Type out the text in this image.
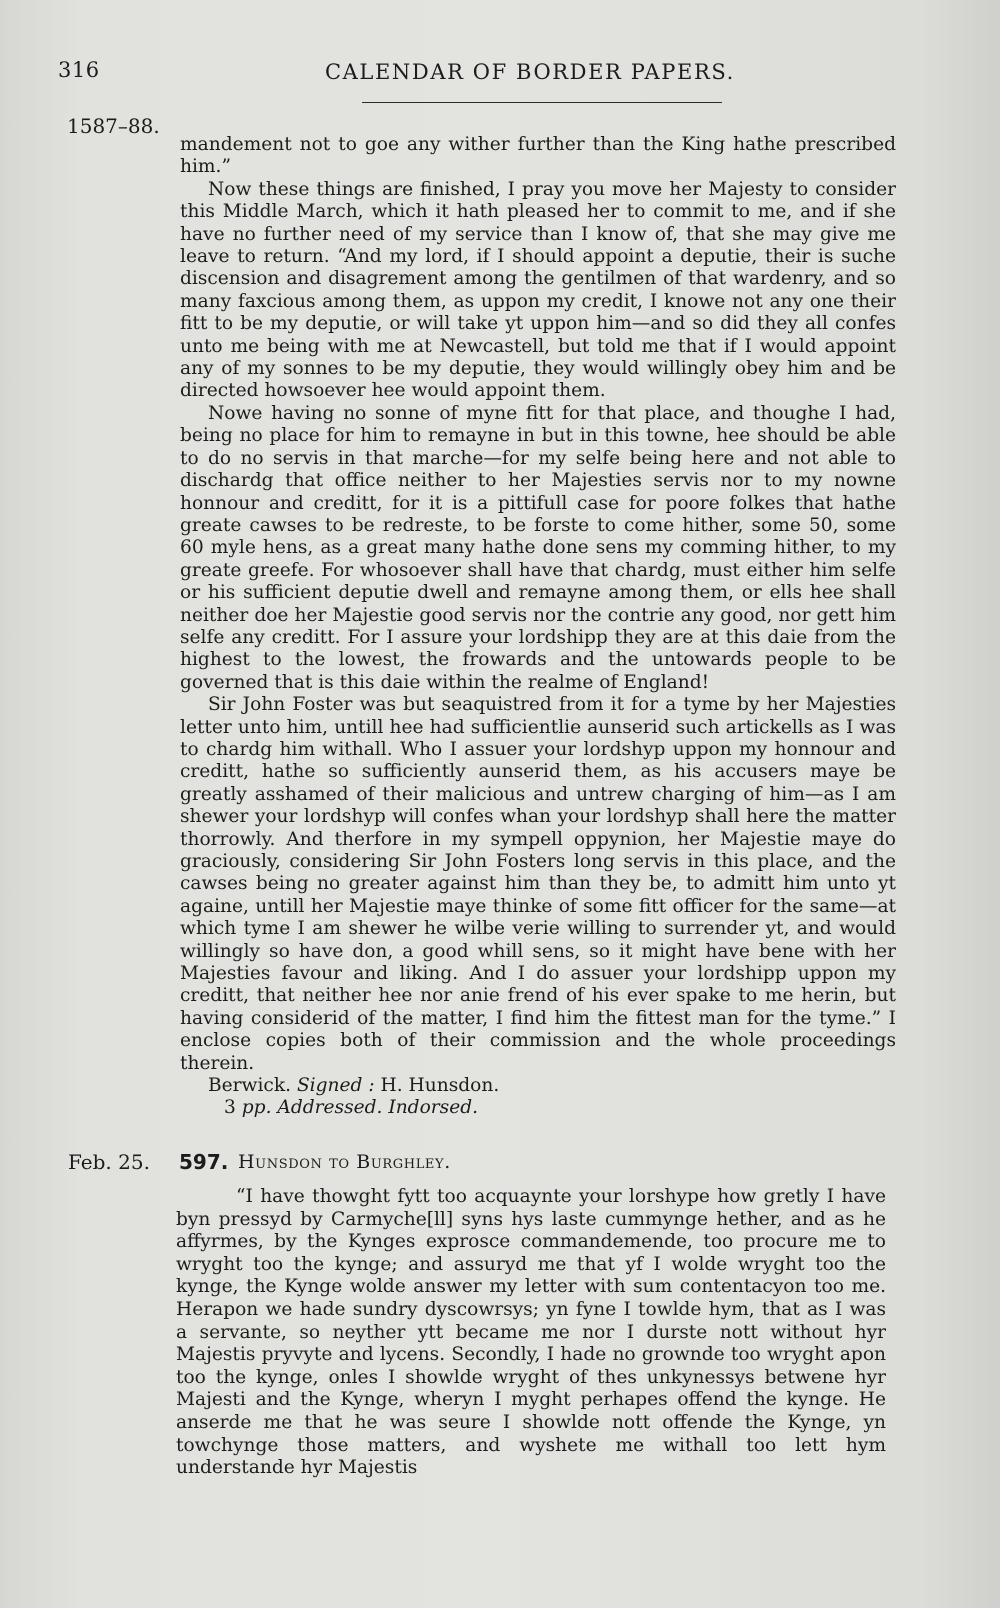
316	CALENDAR OF BORDER PAPERS.
1587–88.

mandement not to goe any wither further than the King hathe prescribed him.”

Now these things are finished, I pray you move her Majesty to consider this Middle March, which it hath pleased her to commit to me, and if she have no further need of my service than I know of, that she may give me leave to return. “And my lord, if I should appoint a deputie, their is suche discension and disagrement among the gentilmen of that wardenry, and so many faxcious among them, as uppon my credit, I knowe not any one their fitt to be my deputie, or will take yt uppon him—and so did they all confes unto me being with me at Newcastell, but told me that if I would appoint any of my sonnes to be my deputie, they would willingly obey him and be directed howsoever hee would appoint them.

Nowe having no sonne of myne fitt for that place, and thoughe I had, being no place for him to remayne in but in this towne, hee should be able to do no servis in that marche—for my selfe being here and not able to dischardg that office neither to her Majesties servis nor to my nowne honnour and creditt, for it is a pittifull case for poore folkes that hathe greate cawses to be redreste, to be forste to come hither, some 50, some 60 myle hens, as a great many hathe done sens my comming hither, to my greate greefe. For whosoever shall have that chardg, must either him selfe or his sufficient deputie dwell and remayne among them, or ells hee shall neither doe her Majestie good servis nor the contrie any good, nor gett him selfe any creditt. For I assure your lordshipp they are at this daie from the highest to the lowest, the frowards and the untowards people to be governed that is this daie within the realme of England!

Sir John Foster was but seaquistred from it for a tyme by her Majesties letter unto him, untill hee had sufficientlie aunserid such artickells as I was to chardg him withall. Who I assuer your lordshyp uppon my honnour and creditt, hathe so sufficiently aunserid them, as his accusers maye be greatly asshamed of their malicious and untrew charging of him—as I am shewer your lordshyp will confes whan your lordshyp shall here the matter thorrowly. And therfore in my sympell oppynion, her Majestie maye do graciously, considering Sir John Fosters long servis in this place, and the cawses being no greater against him than they be, to admitt him unto yt againe, untill her Majestie maye thinke of some fitt officer for the same—at which tyme I am shewer he wilbe verie willing to surrender yt, and would willingly so have don, a good whill sens, so it might have bene with her Majesties favour and liking. And I do assuer your lordshipp uppon my creditt, that neither hee nor anie frend of his ever spake to me herin, but having considerid of the matter, I find him the fittest man for the tyme.” I enclose copies both of their commission and the whole proceedings therein.

Berwick. Signed : H. Hunsdon.

3 pp. Addressed. Indorsed.

Feb. 25. 597. Hunsdon to Burghley.

“I have thowght fytt too acquaynte your lorshype how gretly I have byn pressyd by Carmyche[ll] syns hys laste cummynge hether, and as he affyrmes, by the Kynges exprosce commandemende, too procure me to wryght too the kynge; and assuryd me that yf I wolde wryght too the kynge, the Kynge wolde answer my letter with sum contentacyon too me. Herapon we hade sundry dyscowrsys; yn fyne I towlde hym, that as I was a servante, so neyther ytt became me nor I durste nott without hyr Majestis pryvyte and lycens. Secondly, I hade no grownde too wryght apon too the kynge, onles I showlde wryght of thes unkynessys betwene hyr Majesti and the Kynge, wheryn I myght perhapes offend the kynge. He anserde me that he was seure I showlde nott offende the Kynge, yn towchynge those matters, and wyshete me withall too lett hym understande hyr Majestis
